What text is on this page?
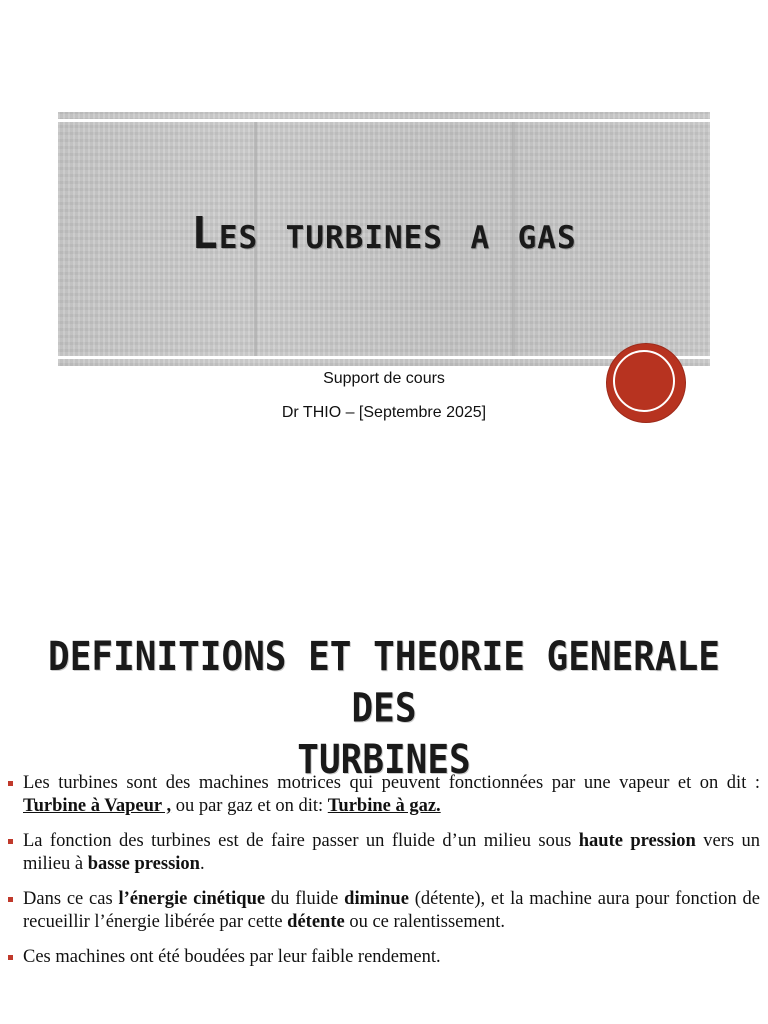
Les turbines a gas
Support de cours
Dr THIO – [Septembre 2025]
DEFINITIONS ET THEORIE GENERALE DES
TURBINES
Les turbines sont des machines motrices qui peuvent fonctionnées par une vapeur et on dit : Turbine à Vapeur , ou par gaz et on dit: Turbine à gaz.
La fonction des turbines est de faire passer un fluide d’un milieu sous haute pression vers un milieu à basse pression.
Dans ce cas l’énergie cinétique du fluide diminue (détente), et la machine aura pour fonction de recueillir l’énergie libérée par cette détente ou ce ralentissement.
Ces machines ont été boudées par leur faible rendement.
